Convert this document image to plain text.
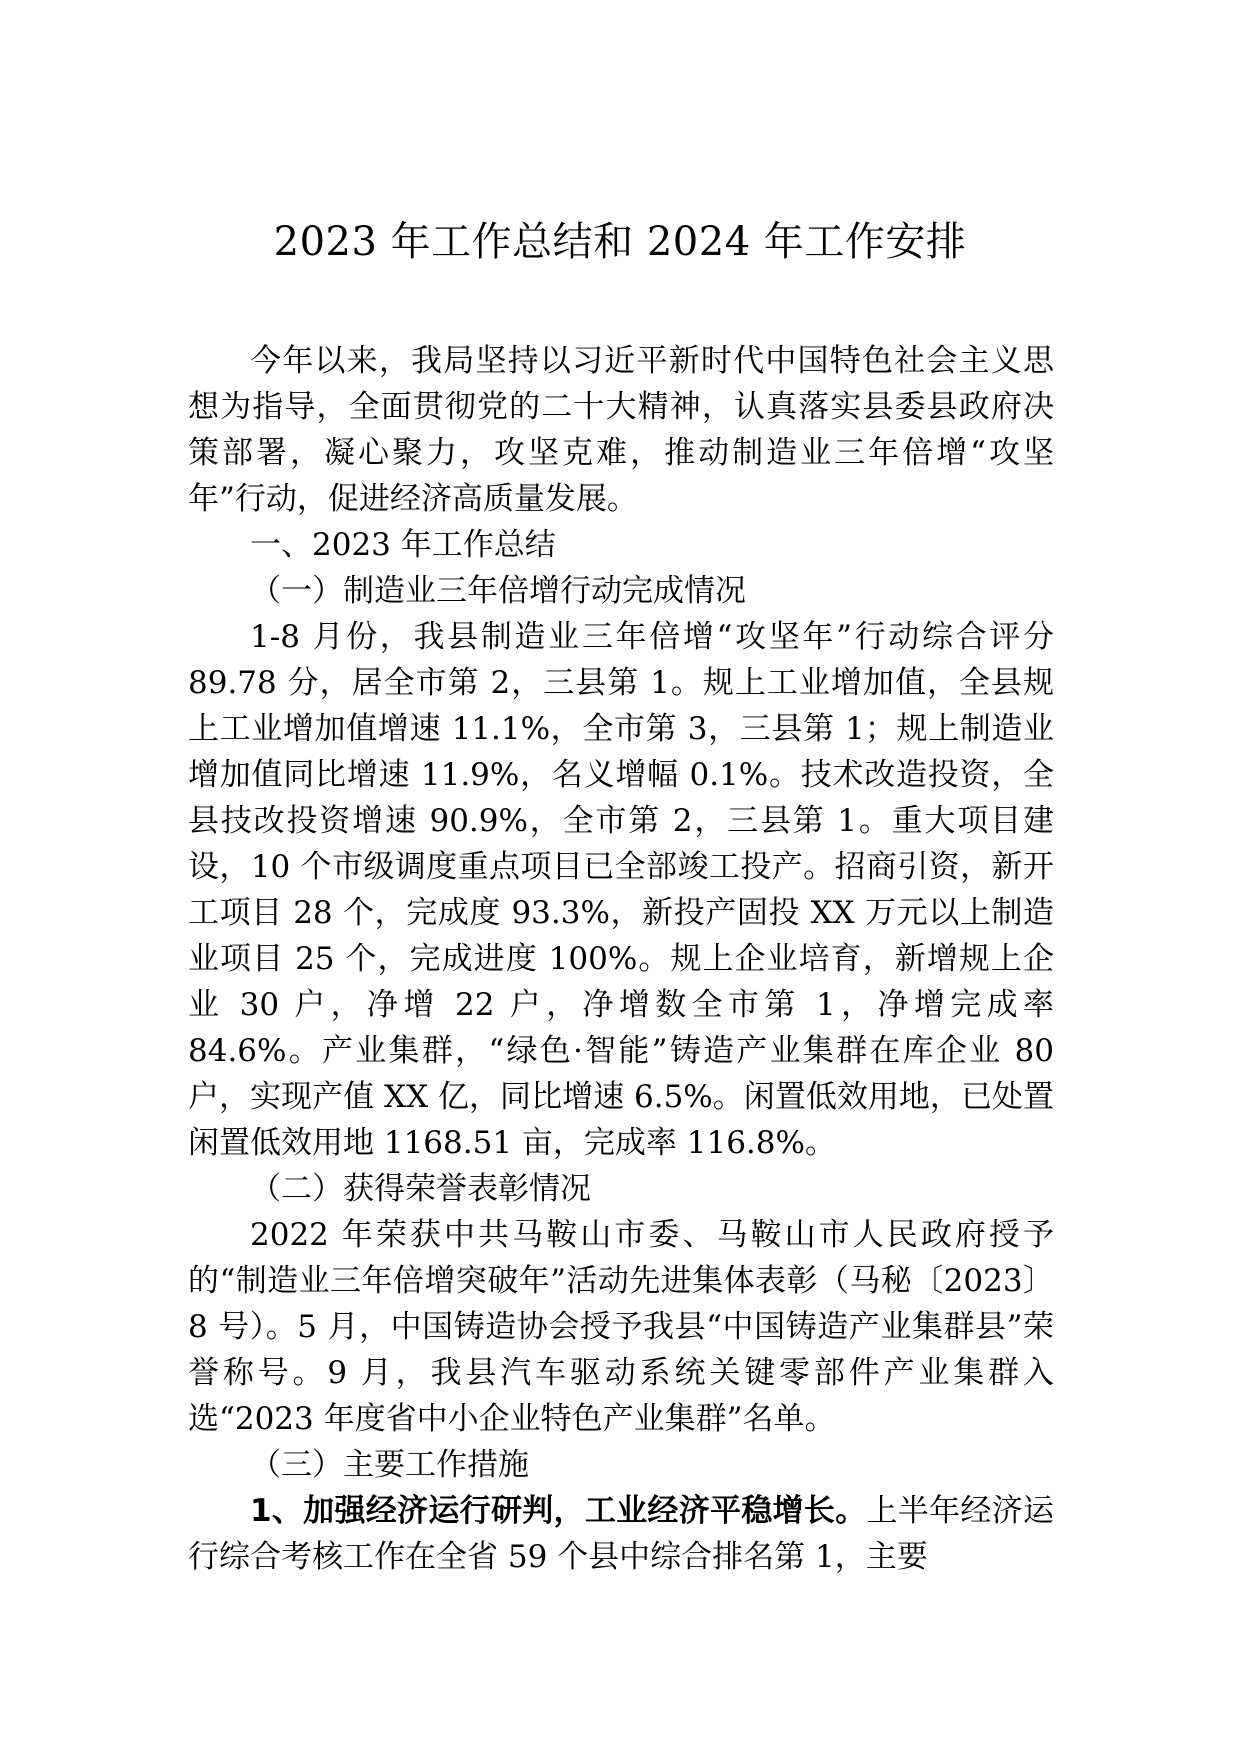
2023 年工作总结和 2024 年工作安排

今年以来，我局坚持以习近平新时代中国特色社会主义思想为指导，全面贯彻党的二十大精神，认真落实县委县政府决策部署，凝心聚力，攻坚克难，推动制造业三年倍增“攻坚年”行动，促进经济高质量发展。

一、2023 年工作总结

（一）制造业三年倍增行动完成情况

1-8 月份，我县制造业三年倍增“攻坚年”行动综合评分 89.78 分，居全市第 2，三县第 1。规上工业增加值，全县规上工业增加值增速 11.1%，全市第 3，三县第 1；规上制造业增加值同比增速 11.9%，名义增幅 0.1%。技术改造投资，全县技改投资增速 90.9%，全市第 2，三县第 1。重大项目建设，10 个市级调度重点项目已全部竣工投产。招商引资，新开工项目 28 个，完成度 93.3%，新投产固投 XX 万元以上制造业项目 25 个，完成进度 100%。规上企业培育，新增规上企业 30 户，净增 22 户，净增数全市第 1，净增完成率 84.6%。产业集群，“绿色·智能”铸造产业集群在库企业 80 户，实现产值 XX 亿，同比增速 6.5%。闲置低效用地，已处置闲置低效用地 1168.51 亩，完成率 116.8%。

（二）获得荣誉表彰情况

2022 年荣获中共马鞍山市委、马鞍山市人民政府授予的“制造业三年倍增突破年”活动先进集体表彰（马秘〔2023〕8 号）。5 月，中国铸造协会授予我县“中国铸造产业集群县”荣誉称号。9 月，我县汽车驱动系统关键零部件产业集群入选“2023 年度省中小企业特色产业集群”名单。

（三）主要工作措施

1、加强经济运行研判，工业经济平稳增长。上半年经济运行综合考核工作在全省 59 个县中综合排名第 1，主要
